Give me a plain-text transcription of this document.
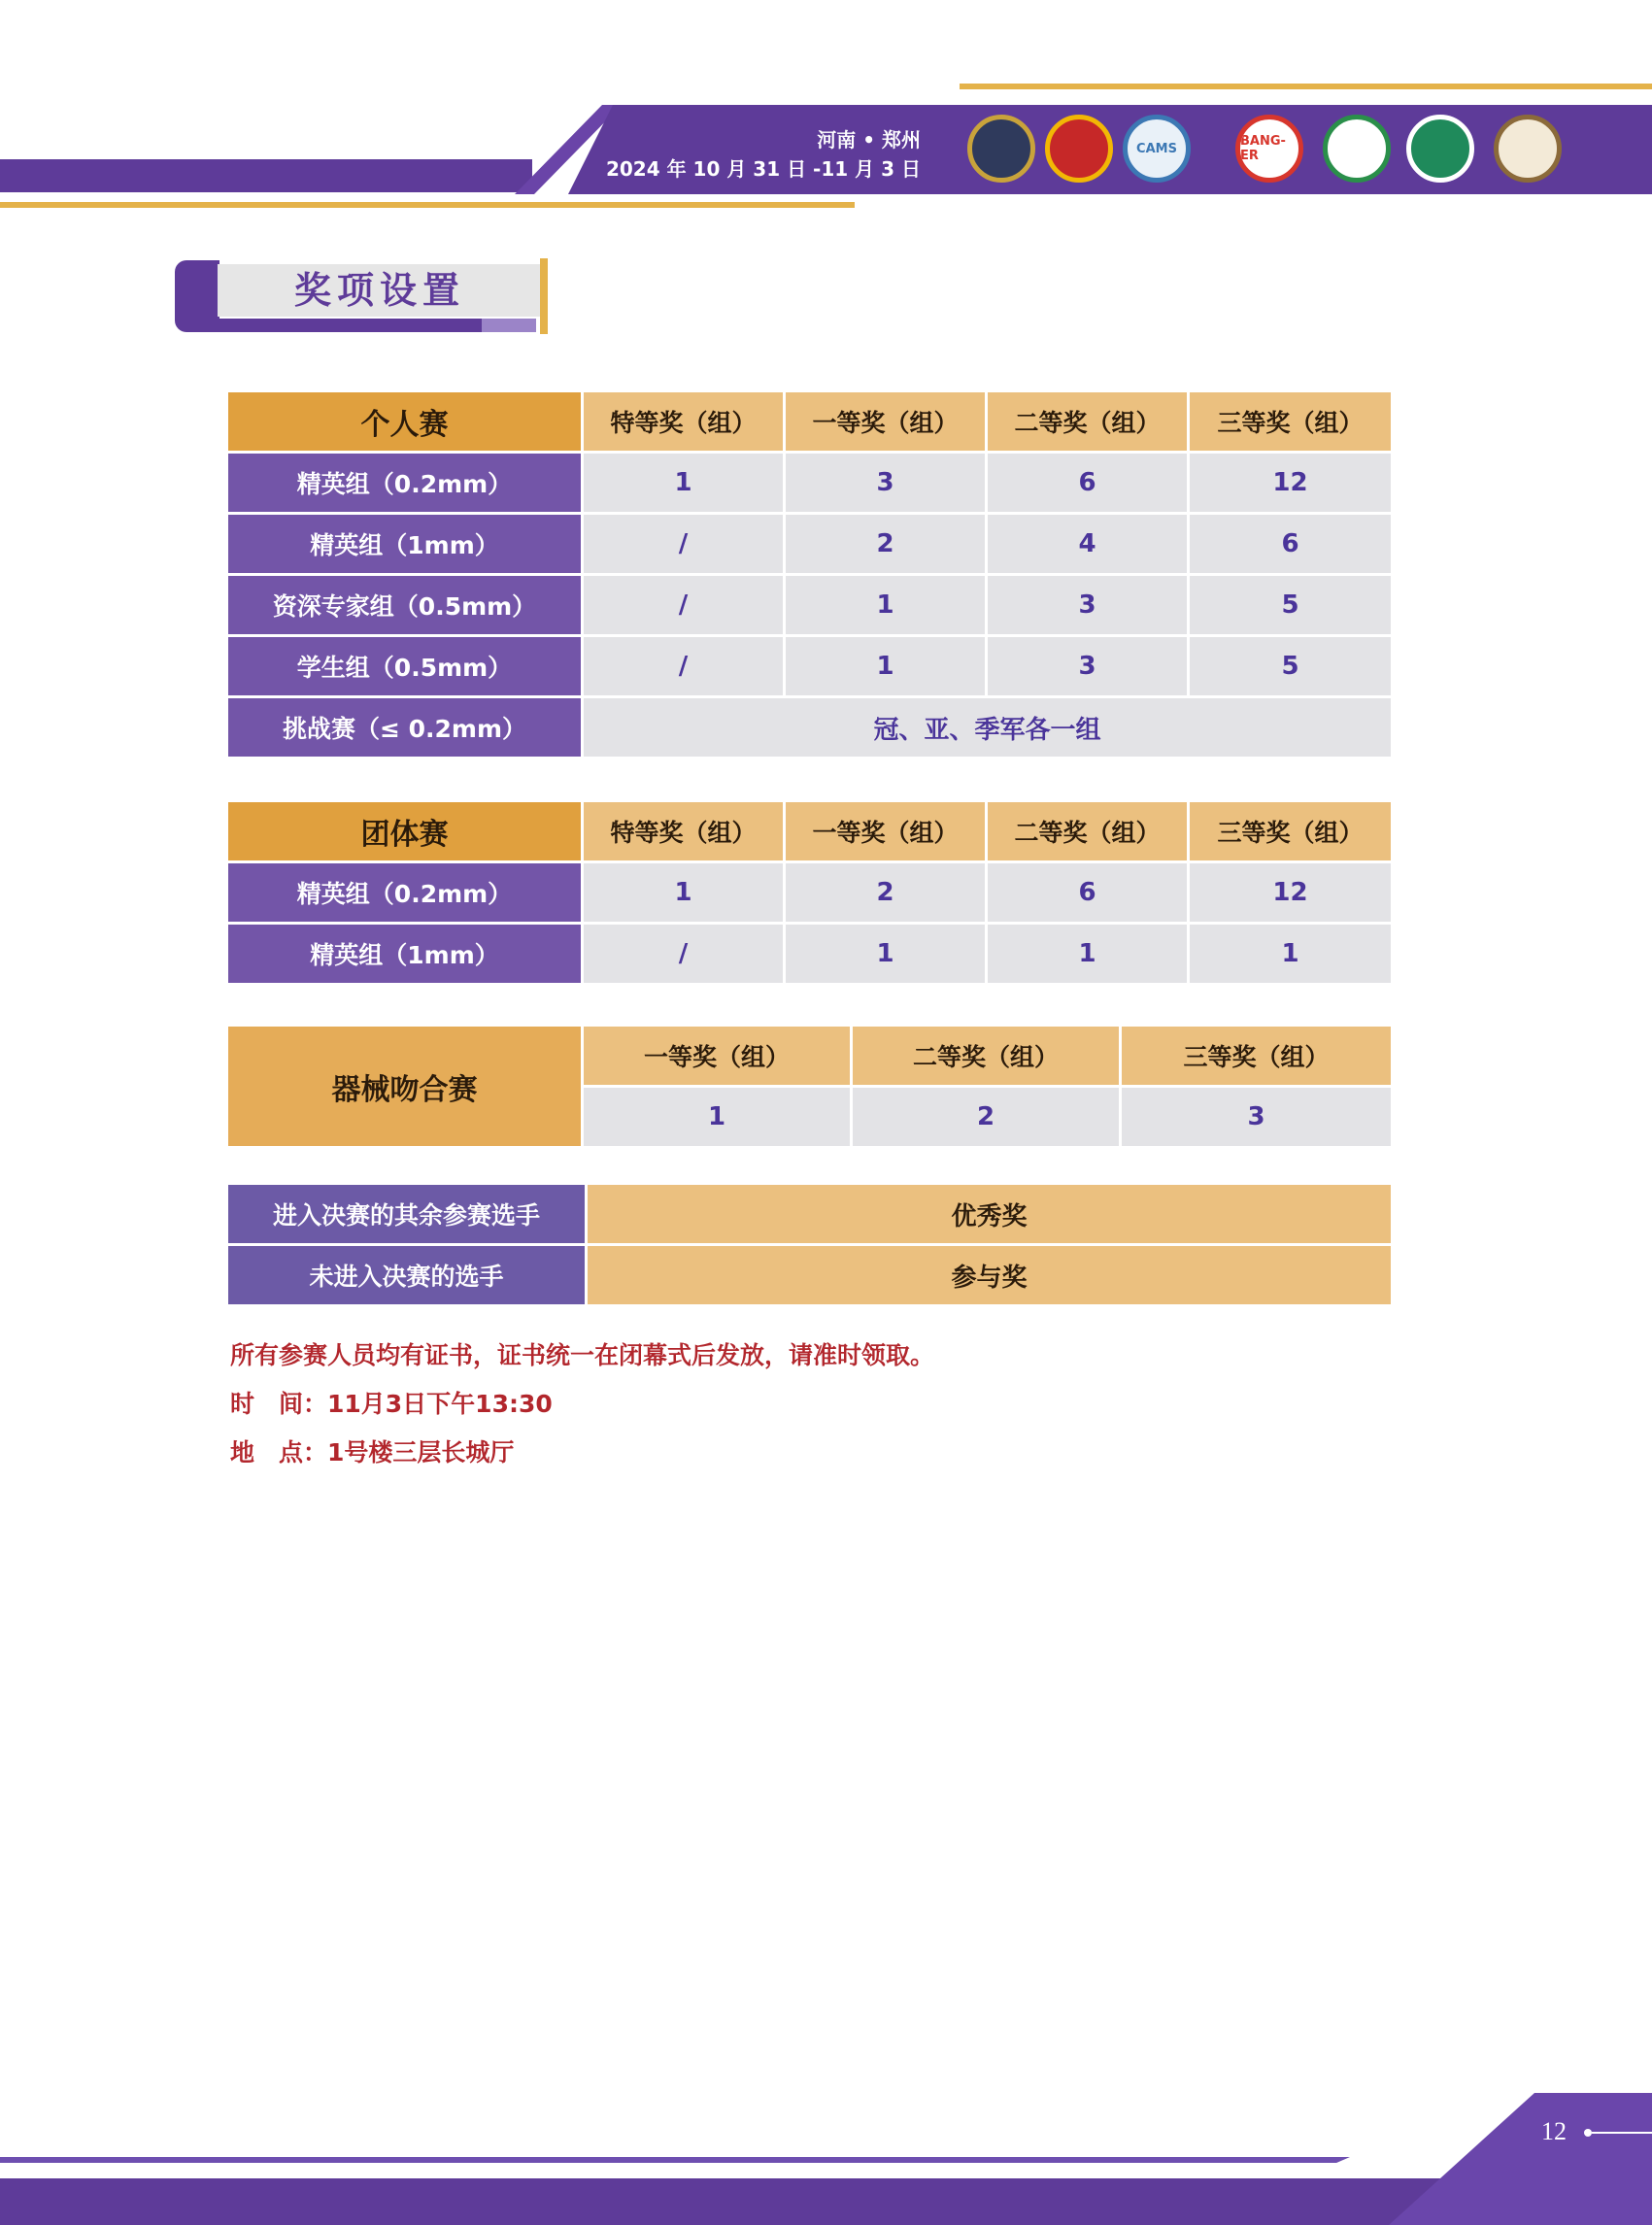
河南 • 郑州
2024 年 10 月 31 日 -11 月 3 日
CAMS	BANG-ER
奖项设置
个人赛	特等奖（组）	一等奖（组）	二等奖（组）	三等奖（组）
精英组（0.2mm）	1	3	6	12
精英组（1mm）	/	2	4	6
资深专家组（0.5mm）	/	1	3	5
学生组（0.5mm）	/	1	3	5
挑战赛（≤ 0.2mm）	冠、亚、季军各一组			
团体赛	特等奖（组）	一等奖（组）	二等奖（组）	三等奖（组）
精英组（0.2mm）	1	2	6	12
精英组（1mm）	/	1	1	1
器械吻合赛	一等奖（组）	二等奖（组）	三等奖（组）
	1	2	3
进入决赛的其余参赛选手	优秀奖
未进入决赛的选手	参与奖
所有参赛人员均有证书，证书统一在闭幕式后发放，请准时领取。
时　间：11月3日下午13:30
地　点：1号楼三层长城厅
12
